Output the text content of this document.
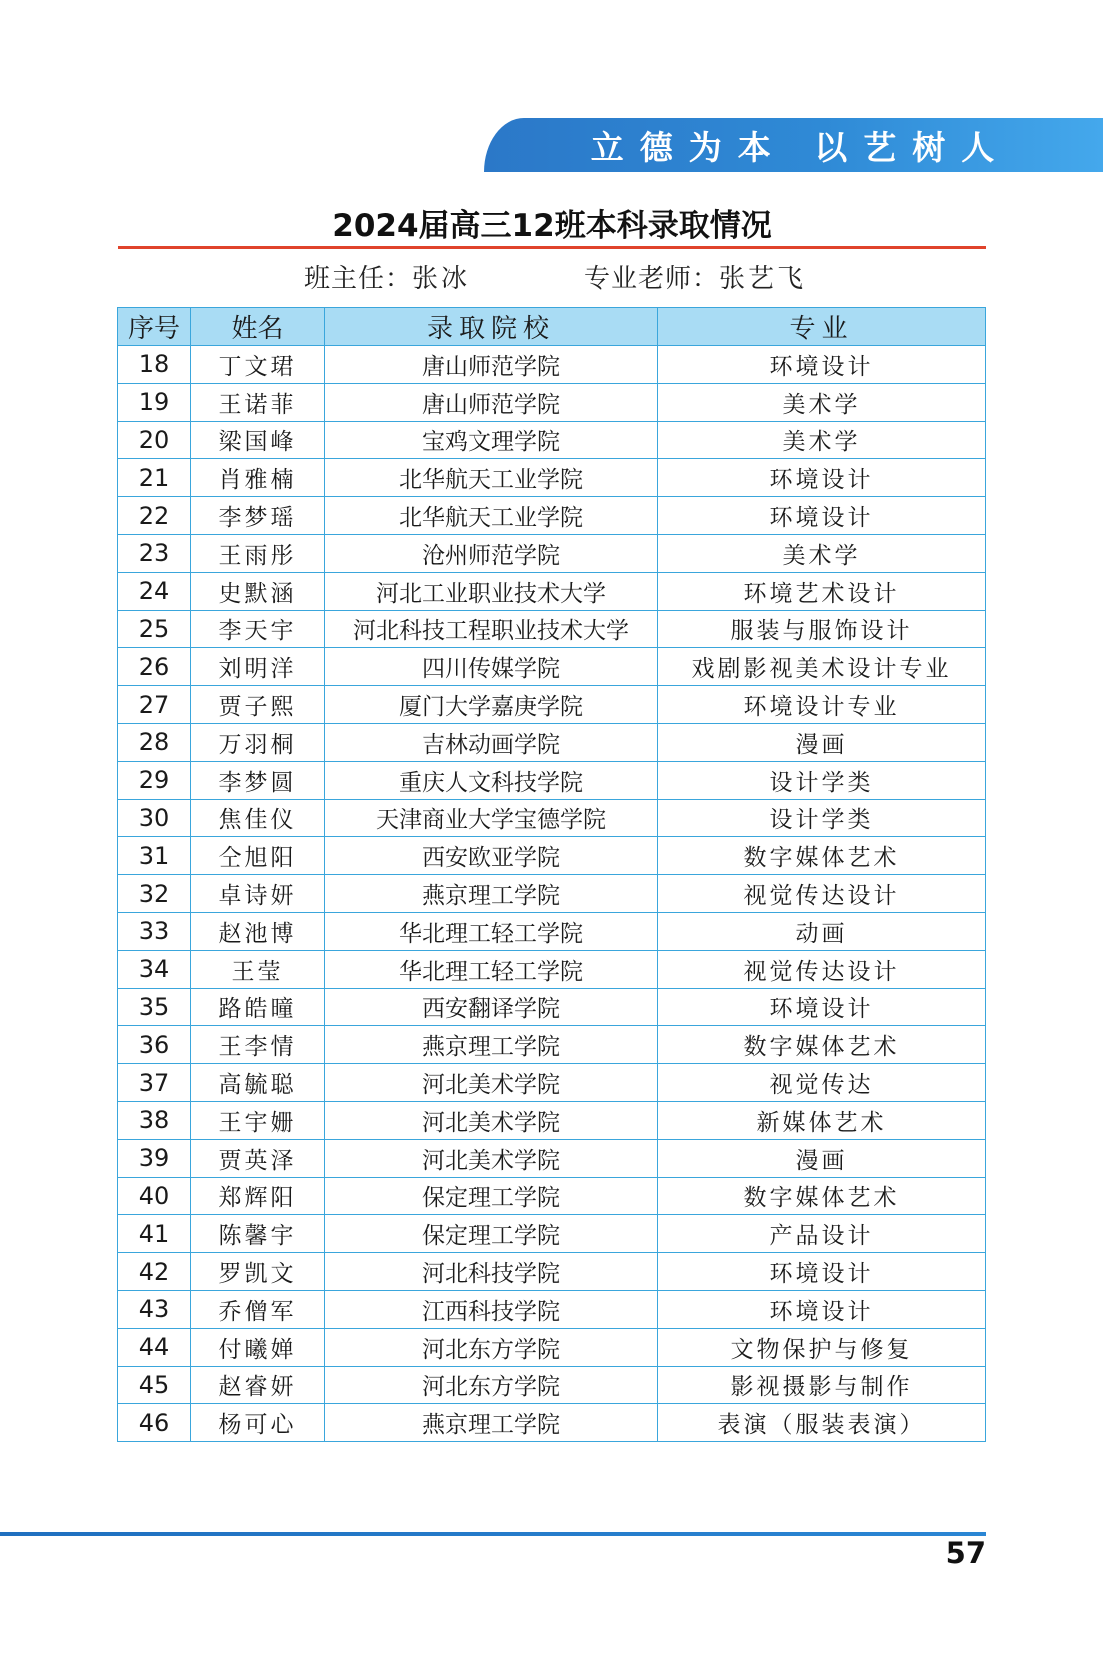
立德为本 以艺树人
2024届高三12班本科录取情况
班主任：张冰	专业老师：张艺飞
序号	姓名	录取院校	专业
18	丁文珺	唐山师范学院	环境设计
19	王诺菲	唐山师范学院	美术学
20	梁国峰	宝鸡文理学院	美术学
21	肖雅楠	北华航天工业学院	环境设计
22	李梦瑶	北华航天工业学院	环境设计
23	王雨彤	沧州师范学院	美术学
24	史默涵	河北工业职业技术大学	环境艺术设计
25	李天宇	河北科技工程职业技术大学	服装与服饰设计
26	刘明洋	四川传媒学院	戏剧影视美术设计专业
27	贾子熙	厦门大学嘉庚学院	环境设计专业
28	万羽桐	吉林动画学院	漫画
29	李梦圆	重庆人文科技学院	设计学类
30	焦佳仪	天津商业大学宝德学院	设计学类
31	仝旭阳	西安欧亚学院	数字媒体艺术
32	卓诗妍	燕京理工学院	视觉传达设计
33	赵池博	华北理工轻工学院	动画
34	王莹	华北理工轻工学院	视觉传达设计
35	路皓曈	西安翻译学院	环境设计
36	王李情	燕京理工学院	数字媒体艺术
37	高毓聪	河北美术学院	视觉传达
38	王宇姗	河北美术学院	新媒体艺术
39	贾英泽	河北美术学院	漫画
40	郑辉阳	保定理工学院	数字媒体艺术
41	陈馨宇	保定理工学院	产品设计
42	罗凯文	河北科技学院	环境设计
43	乔僧军	江西科技学院	环境设计
44	付曦婵	河北东方学院	文物保护与修复
45	赵睿妍	河北东方学院	影视摄影与制作
46	杨可心	燕京理工学院	表演（服装表演）
57
